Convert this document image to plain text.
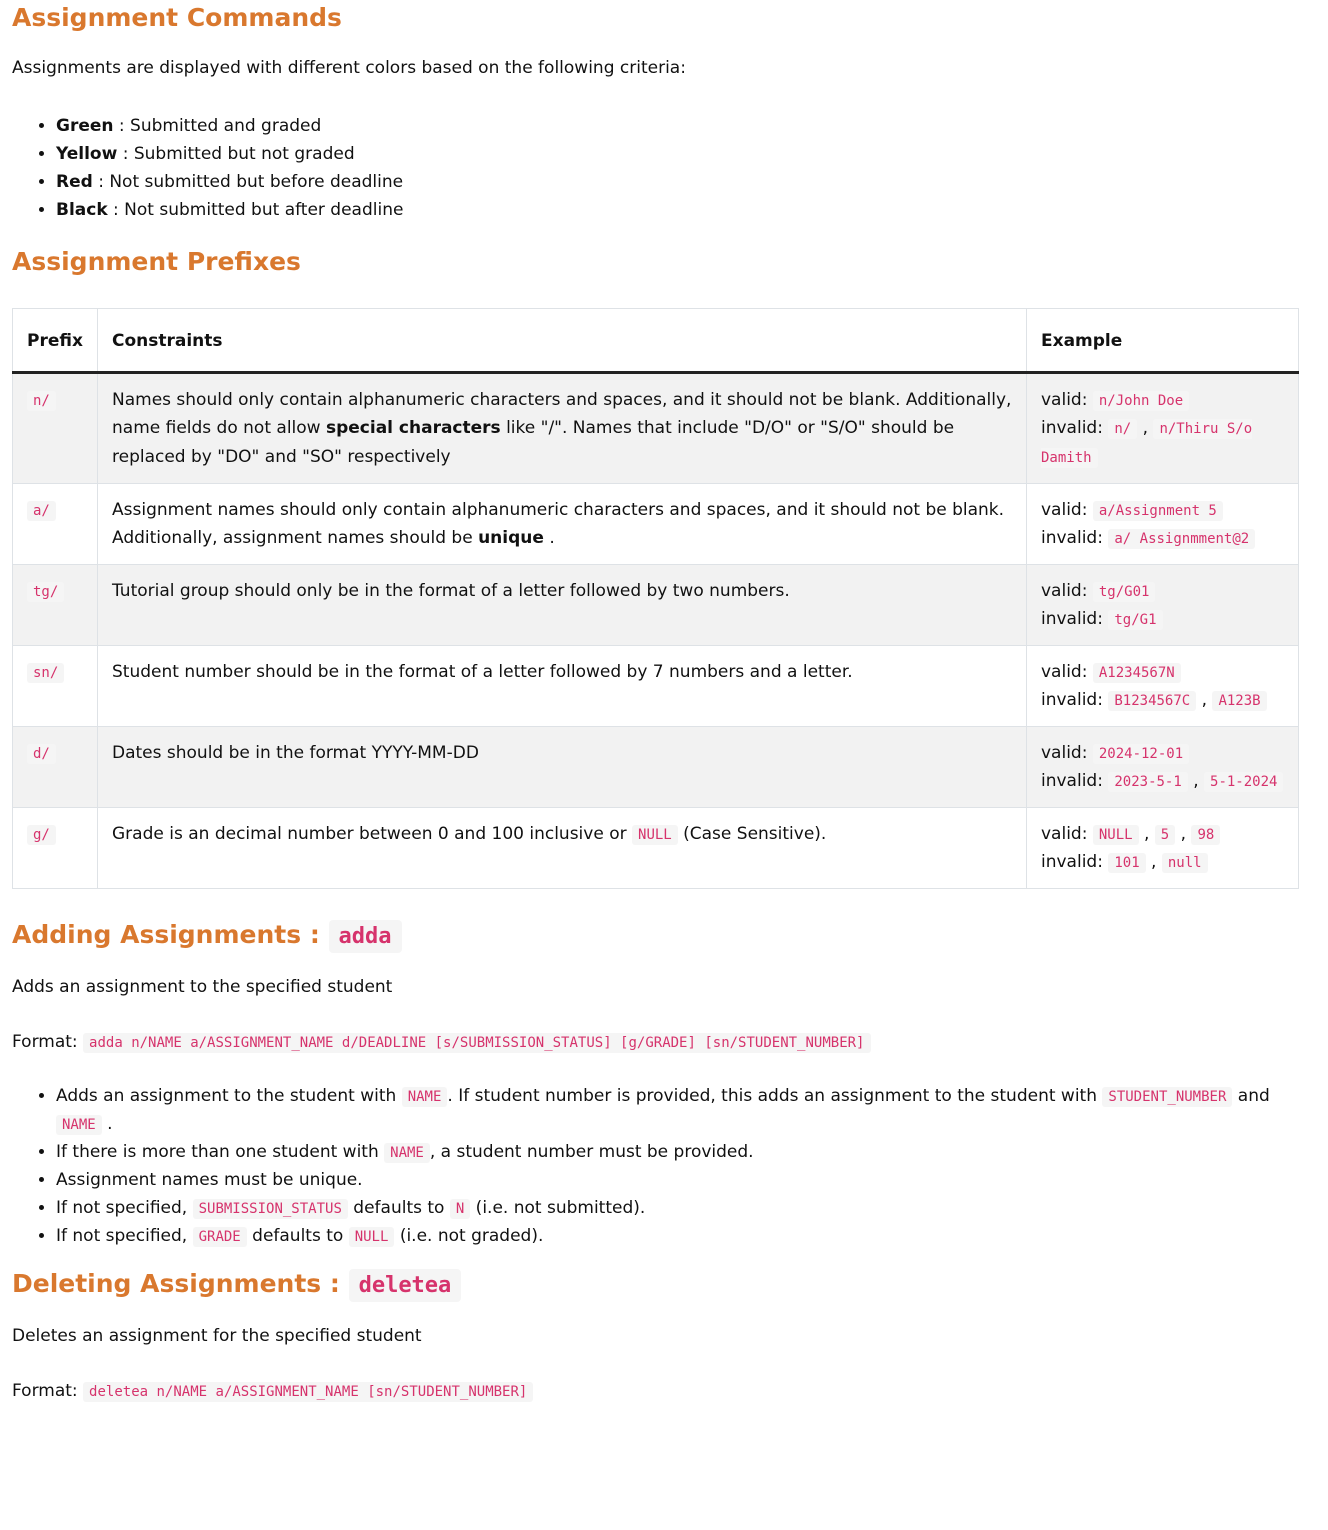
Assignment Commands

Assignments are displayed with different colors based on the following criteria:

• Green : Submitted and graded
• Yellow : Submitted but not graded
• Red : Not submitted but before deadline
• Black : Not submitted but after deadline
Assignment Prefixes
Prefix	Constraints	Example
n/	Names should only contain alphanumeric characters and spaces, and it should not be blank. Additionally, name fields do not allow special characters like "/". Names that include "D/O" or "S/O" should be replaced by "DO" and "SO" respectively	valid: n/John Doe
invalid: n/ , n/Thiru S/o Damith
a/	Assignment names should only contain alphanumeric characters and spaces, and it should not be blank. Additionally, assignment names should be unique .	valid: a/Assignment 5
invalid: a/ Assignmment@2
tg/	Tutorial group should only be in the format of a letter followed by two numbers.	valid: tg/G01
invalid: tg/G1
sn/	Student number should be in the format of a letter followed by 7 numbers and a letter.	valid: A1234567N
invalid: B1234567C , A123B
d/	Dates should be in the format YYYY-MM-DD	valid: 2024-12-01
invalid: 2023-5-1 , 5-1-2024
g/	Grade is an decimal number between 0 and 100 inclusive or NULL (Case Sensitive).	valid: NULL , 5 , 98
invalid: 101 , null
Adding Assignments : adda

Adds an assignment to the specified student

Format: adda n/NAME a/ASSIGNMENT_NAME d/DEADLINE [s/SUBMISSION_STATUS] [g/GRADE] [sn/STUDENT_NUMBER]

• Adds an assignment to the student with NAME . If student number is provided, this adds an assignment to the student with STUDENT_NUMBER and NAME .
• If there is more than one student with NAME , a student number must be provided.
• Assignment names must be unique.
• If not specified, SUBMISSION_STATUS defaults to N (i.e. not submitted).
• If not specified, GRADE defaults to NULL (i.e. not graded).
Deleting Assignments : deletea

Deletes an assignment for the specified student

Format: deletea n/NAME a/ASSIGNMENT_NAME [sn/STUDENT_NUMBER]
